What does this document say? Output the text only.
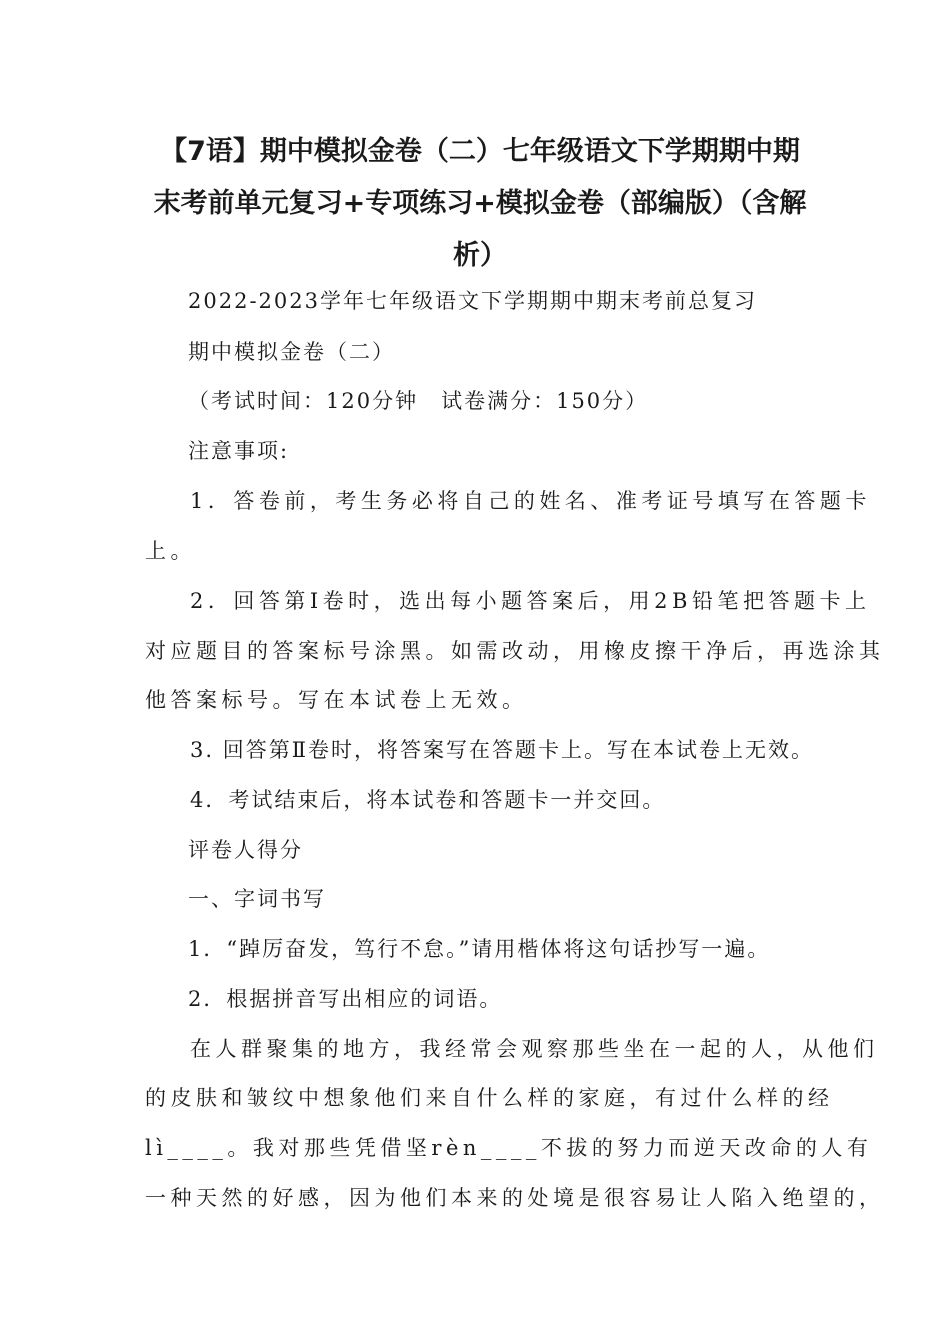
【7语】期中模拟金卷（二）七年级语文下学期期中期
末考前单元复习+专项练习+模拟金卷（部编版）（含解
析）
2022-2023学年七年级语文下学期期中期末考前总复习
期中模拟金卷（二）
（考试时间：120分钟　试卷满分：150分）
注意事项:
1．答卷前，考生务必将自己的姓名、准考证号填写在答题卡
上。
2．回答第Ⅰ卷时，选出每小题答案后，用2B铅笔把答题卡上
对应题目的答案标号涂黑。如需改动，用橡皮擦干净后，再选涂其
他答案标号。写在本试卷上无效。
3. 回答第Ⅱ卷时，将答案写在答题卡上。写在本试卷上无效。
4．考试结束后，将本试卷和答题卡一并交回。
评卷人得分
一、字词书写
1．“踔厉奋发，笃行不怠。”请用楷体将这句话抄写一遍。
2．根据拼音写出相应的词语。
在人群聚集的地方，我经常会观察那些坐在一起的人，从他们
的皮肤和皱纹中想象他们来自什么样的家庭，有过什么样的经
lì____。我对那些凭借坚rèn____不拔的努力而逆天改命的人有
一种天然的好感，因为他们本来的处境是很容易让人陷入绝望的，
